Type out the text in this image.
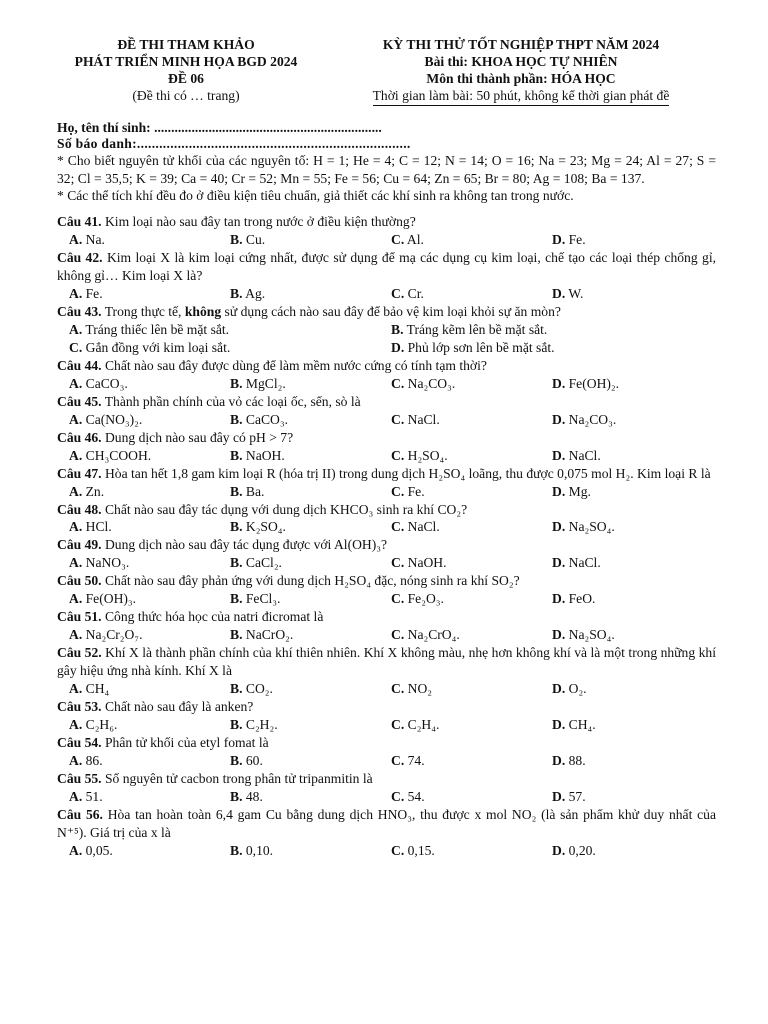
ĐỀ THI THAM KHẢO
PHÁT TRIỂN MINH HỌA BGD 2024
ĐỀ 06
(Đề thi có … trang)
KỲ THI THỬ TỐT NGHIỆP THPT NĂM 2024
Bài thi: KHOA HỌC TỰ NHIÊN
Môn thi thành phần: HÓA HỌC
Thời gian làm bài: 50 phút, không kể thời gian phát đề
Họ, tên thí sinh: ...................................................................
Số báo danh:..........................................................................
* Cho biết nguyên tử khối của các nguyên tố: H = 1; He = 4; C = 12; N = 14; O = 16; Na = 23; Mg = 24; Al = 27; S = 32; Cl = 35,5; K = 39; Ca = 40; Cr = 52; Mn = 55; Fe = 56; Cu = 64; Zn = 65; Br = 80; Ag = 108; Ba = 137.
* Các thể tích khí đều đo ở điều kiện tiêu chuẩn, giả thiết các khí sinh ra không tan trong nước.
Câu 41. Kim loại nào sau đây tan trong nước ở điều kiện thường?
A. Na.	B. Cu.	C. Al.	D. Fe.
Câu 42. Kim loại X là kim loại cứng nhất, được sử dụng để mạ các dụng cụ kim loại, chế tạo các loại thép chống gỉ, không gỉ… Kim loại X là?
A. Fe.	B. Ag.	C. Cr.	D. W.
Câu 43. Trong thực tế, không sử dụng cách nào sau đây để bảo vệ kim loại khỏi sự ăn mòn?
A. Tráng thiếc lên bề mặt sắt.	B. Tráng kẽm lên bề mặt sắt.
C. Gắn đồng với kim loại sắt.	D. Phủ lớp sơn lên bề mặt sắt.
Câu 44. Chất nào sau đây được dùng để làm mềm nước cứng có tính tạm thời?
A. CaCO₃.	B. MgCl₂.	C. Na₂CO₃.	D. Fe(OH)₂.
Câu 45. Thành phần chính của vỏ các loại ốc, sến, sò là
A. Ca(NO₃)₂.	B. CaCO₃.	C. NaCl.	D. Na₂CO₃.
Câu 46. Dung dịch nào sau đây có pH > 7?
A. CH₃COOH.	B. NaOH.	C. H₂SO₄.	D. NaCl.
Câu 47. Hòa tan hết 1,8 gam kim loại R (hóa trị II) trong dung dịch H₂SO₄ loãng, thu được 0,075 mol H₂. Kim loại R là
A. Zn.	B. Ba.	C. Fe.	D. Mg.
Câu 48. Chất nào sau đây tác dụng với dung dịch KHCO₃ sinh ra khí CO₂?
A. HCl.	B. K₂SO₄.	C. NaCl.	D. Na₂SO₄.
Câu 49. Dung dịch nào sau đây tác dụng được với Al(OH)₃?
A. NaNO₃.	B. CaCl₂.	C. NaOH.	D. NaCl.
Câu 50. Chất nào sau đây phản ứng với dung dịch H₂SO₄ đặc, nóng sinh ra khí SO₂?
A. Fe(OH)₃.	B. FeCl₃.	C. Fe₂O₃.	D. FeO.
Câu 51. Công thức hóa học của natri đicromat là
A. Na₂Cr₂O₇.	B. NaCrO₂.	C. Na₂CrO₄.	D. Na₂SO₄.
Câu 52. Khí X là thành phần chính của khí thiên nhiên. Khí X không màu, nhẹ hơn không khí và là một trong những khí gây hiệu ứng nhà kính. Khí X là
A. CH₄	B. CO₂.	C. NO₂	D. O₂.
Câu 53. Chất nào sau đây là anken?
A. C₂H₆.	B. C₂H₂.	C. C₂H₄.	D. CH₄.
Câu 54. Phân tử khối của etyl fomat là
A. 86.	B. 60.	C. 74.	D. 88.
Câu 55. Số nguyên tử cacbon trong phân tử tripanmitin là
A. 51.	B. 48.	C. 54.	D. 57.
Câu 56. Hòa tan hoàn toàn 6,4 gam Cu bằng dung dịch HNO₃, thu được x mol NO₂ (là sản phẩm khử duy nhất của N⁺⁵). Giá trị của x là
A. 0,05.	B. 0,10.	C. 0,15.	D. 0,20.
